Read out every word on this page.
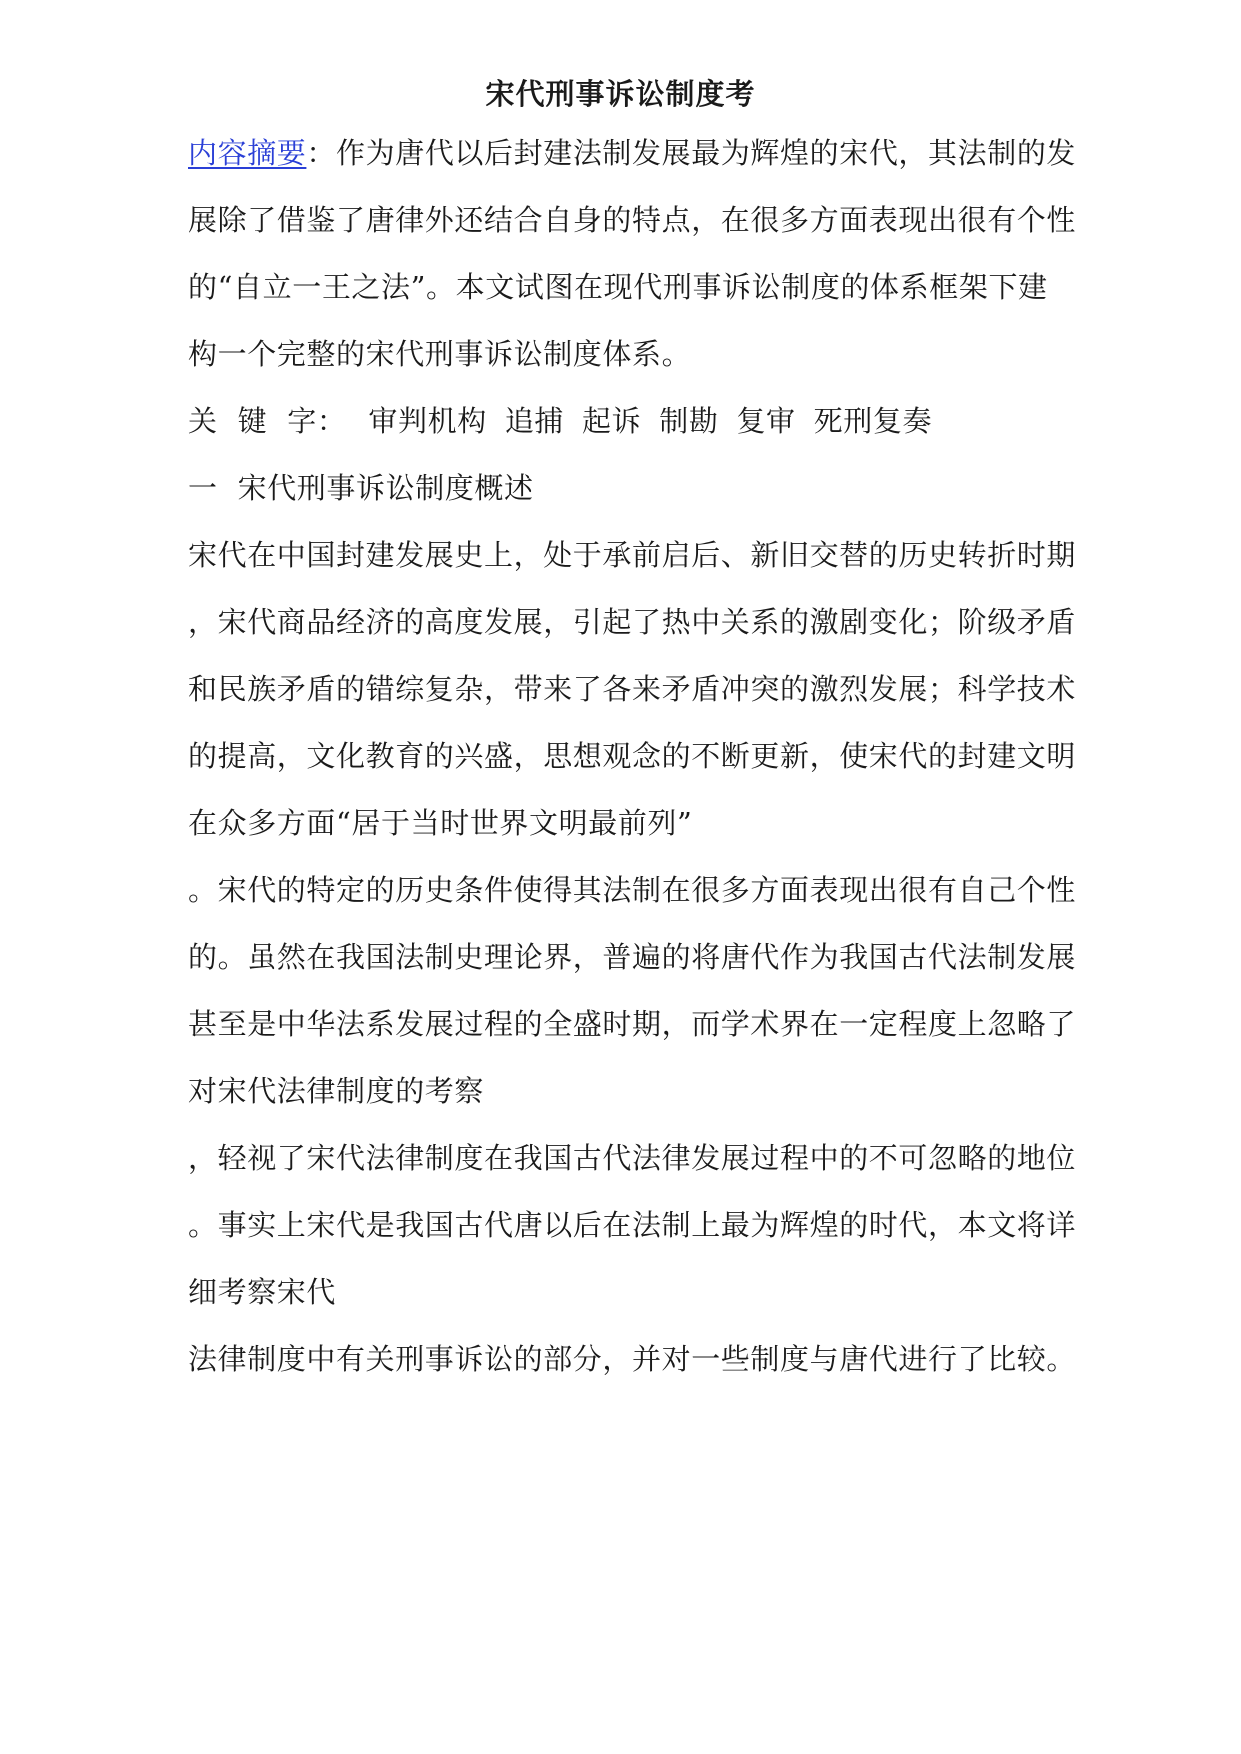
宋代刑事诉讼制度考
内容摘要：作为唐代以后封建法制发展最为辉煌的宋代，其法制的发
展除了借鉴了唐律外还结合自身的特点，在很多方面表现出很有个性
的“自立一王之法”。本文试图在现代刑事诉讼制度的体系框架下建
构一个完整的宋代刑事诉讼制度体系。
关 键 字： 审判机构 追捕 起诉 制勘 复审 死刑复奏
一 宋代刑事诉讼制度概述
宋代在中国封建发展史上，处于承前启后、新旧交替的历史转折时期
，宋代商品经济的高度发展，引起了热中关系的激剧变化；阶级矛盾
和民族矛盾的错综复杂，带来了各来矛盾冲突的激烈发展；科学技术
的提高，文化教育的兴盛，思想观念的不断更新，使宋代的封建文明
在众多方面“居于当时世界文明最前列”
。宋代的特定的历史条件使得其法制在很多方面表现出很有自己个性
的。虽然在我国法制史理论界，普遍的将唐代作为我国古代法制发展
甚至是中华法系发展过程的全盛时期，而学术界在一定程度上忽略了
对宋代法律制度的考察
，轻视了宋代法律制度在我国古代法律发展过程中的不可忽略的地位
。事实上宋代是我国古代唐以后在法制上最为辉煌的时代，本文将详
细考察宋代
法律制度中有关刑事诉讼的部分，并对一些制度与唐代进行了比较。
